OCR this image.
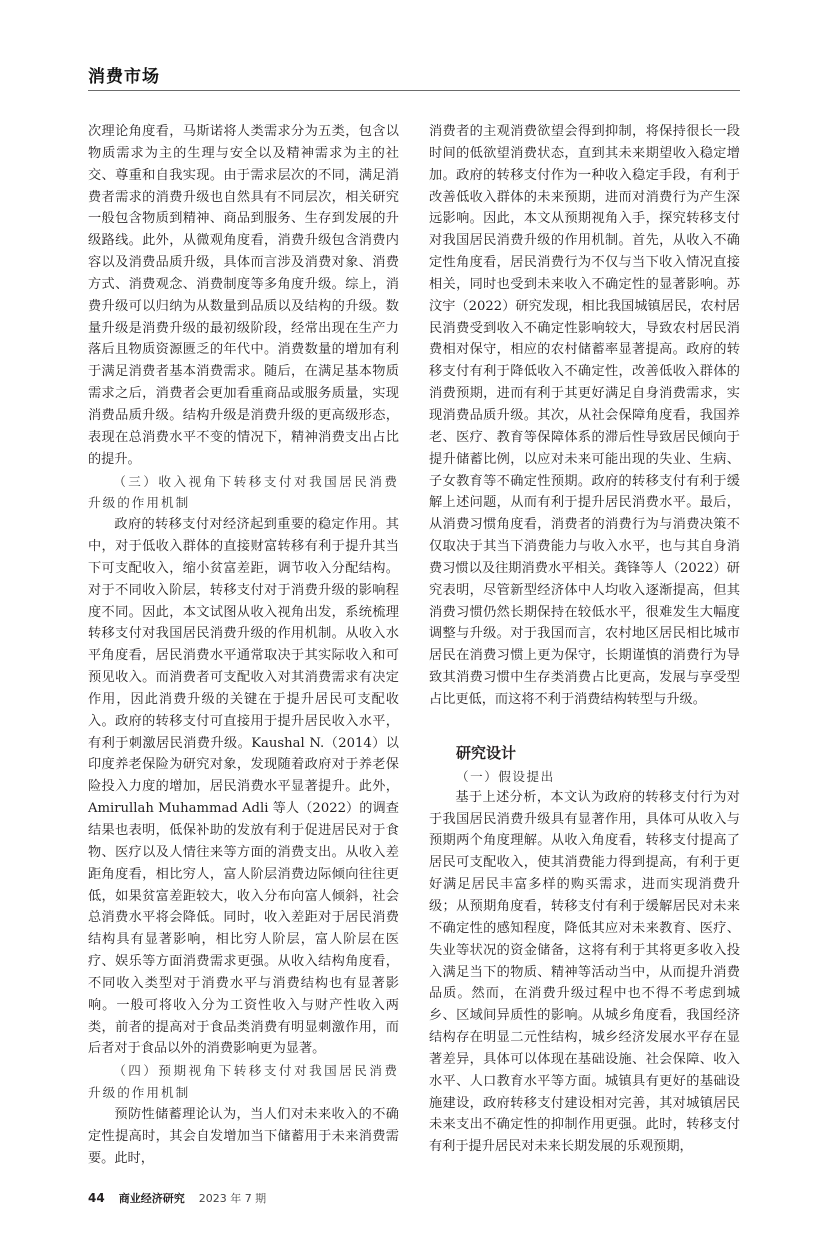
消费市场

次理论角度看，马斯诺将人类需求分为五类，包含以物质需求为主的生理与安全以及精神需求为主的社交、尊重和自我实现。由于需求层次的不同，满足消费者需求的消费升级也自然具有不同层次，相关研究一般包含物质到精神、商品到服务、生存到发展的升级路线。此外，从微观角度看，消费升级包含消费内容以及消费品质升级，具体而言涉及消费对象、消费方式、消费观念、消费制度等多角度升级。综上，消费升级可以归纳为从数量到品质以及结构的升级。数量升级是消费升级的最初级阶段，经常出现在生产力落后且物质资源匮乏的年代中。消费数量的增加有利于满足消费者基本消费需求。随后，在满足基本物质需求之后，消费者会更加看重商品或服务质量，实现消费品质升级。结构升级是消费升级的更高级形态，表现在总消费水平不变的情况下，精神消费支出占比的提升。

（三）收入视角下转移支付对我国居民消费升级的作用机制

政府的转移支付对经济起到重要的稳定作用。其中，对于低收入群体的直接财富转移有利于提升其当下可支配收入，缩小贫富差距，调节收入分配结构。对于不同收入阶层，转移支付对于消费升级的影响程度不同。因此，本文试图从收入视角出发，系统梳理转移支付对我国居民消费升级的作用机制。从收入水平角度看，居民消费水平通常取决于其实际收入和可预见收入。而消费者可支配收入对其消费需求有决定作用，因此消费升级的关键在于提升居民可支配收入。政府的转移支付可直接用于提升居民收入水平，有利于刺激居民消费升级。Kaushal N.（2014）以印度养老保险为研究对象，发现随着政府对于养老保险投入力度的增加，居民消费水平显著提升。此外，Amirullah Muhammad Adli 等人（2022）的调查结果也表明，低保补助的发放有利于促进居民对于食物、医疗以及人情往来等方面的消费支出。从收入差距角度看，相比穷人，富人阶层消费边际倾向往往更低，如果贫富差距较大，收入分布向富人倾斜，社会总消费水平将会降低。同时，收入差距对于居民消费结构具有显著影响，相比穷人阶层，富人阶层在医疗、娱乐等方面消费需求更强。从收入结构角度看，不同收入类型对于消费水平与消费结构也有显著影响。一般可将收入分为工资性收入与财产性收入两类，前者的提高对于食品类消费有明显刺激作用，而后者对于食品以外的消费影响更为显著。

（四）预期视角下转移支付对我国居民消费升级的作用机制

预防性储蓄理论认为，当人们对未来收入的不确定性提高时，其会自发增加当下储蓄用于未来消费需要。此时，

消费者的主观消费欲望会得到抑制，将保持很长一段时间的低欲望消费状态，直到其未来期望收入稳定增加。政府的转移支付作为一种收入稳定手段，有利于改善低收入群体的未来预期，进而对消费行为产生深远影响。因此，本文从预期视角入手，探究转移支付对我国居民消费升级的作用机制。首先，从收入不确定性角度看，居民消费行为不仅与当下收入情况直接相关，同时也受到未来收入不确定性的显著影响。苏汶宇（2022）研究发现，相比我国城镇居民，农村居民消费受到收入不确定性影响较大，导致农村居民消费相对保守，相应的农村储蓄率显著提高。政府的转移支付有利于降低收入不确定性，改善低收入群体的消费预期，进而有利于其更好满足自身消费需求，实现消费品质升级。其次，从社会保障角度看，我国养老、医疗、教育等保障体系的滞后性导致居民倾向于提升储蓄比例，以应对未来可能出现的失业、生病、子女教育等不确定性预期。政府的转移支付有利于缓解上述问题，从而有利于提升居民消费水平。最后，从消费习惯角度看，消费者的消费行为与消费决策不仅取决于其当下消费能力与收入水平，也与其自身消费习惯以及往期消费水平相关。龚锋等人（2022）研究表明，尽管新型经济体中人均收入逐渐提高，但其消费习惯仍然长期保持在较低水平，很难发生大幅度调整与升级。对于我国而言，农村地区居民相比城市居民在消费习惯上更为保守，长期谨慎的消费行为导致其消费习惯中生存类消费占比更高，发展与享受型占比更低，而这将不利于消费结构转型与升级。

研究设计
（一）假设提出

基于上述分析，本文认为政府的转移支付行为对于我国居民消费升级具有显著作用，具体可从收入与预期两个角度理解。从收入角度看，转移支付提高了居民可支配收入，使其消费能力得到提高，有利于更好满足居民丰富多样的购买需求，进而实现消费升级；从预期角度看，转移支付有利于缓解居民对未来不确定性的感知程度，降低其应对未来教育、医疗、失业等状况的资金储备，这将有利于其将更多收入投入满足当下的物质、精神等活动当中，从而提升消费品质。然而，在消费升级过程中也不得不考虑到城乡、区域间异质性的影响。从城乡角度看，我国经济结构存在明显二元性结构，城乡经济发展水平存在显著差异，具体可以体现在基础设施、社会保障、收入水平、人口教育水平等方面。城镇具有更好的基础设施建设，政府转移支付建设相对完善，其对城镇居民未来支出不确定性的抑制作用更强。此时，转移支付有利于提升居民对未来长期发展的乐观预期，

44 商业经济研究 2023 年 7 期
